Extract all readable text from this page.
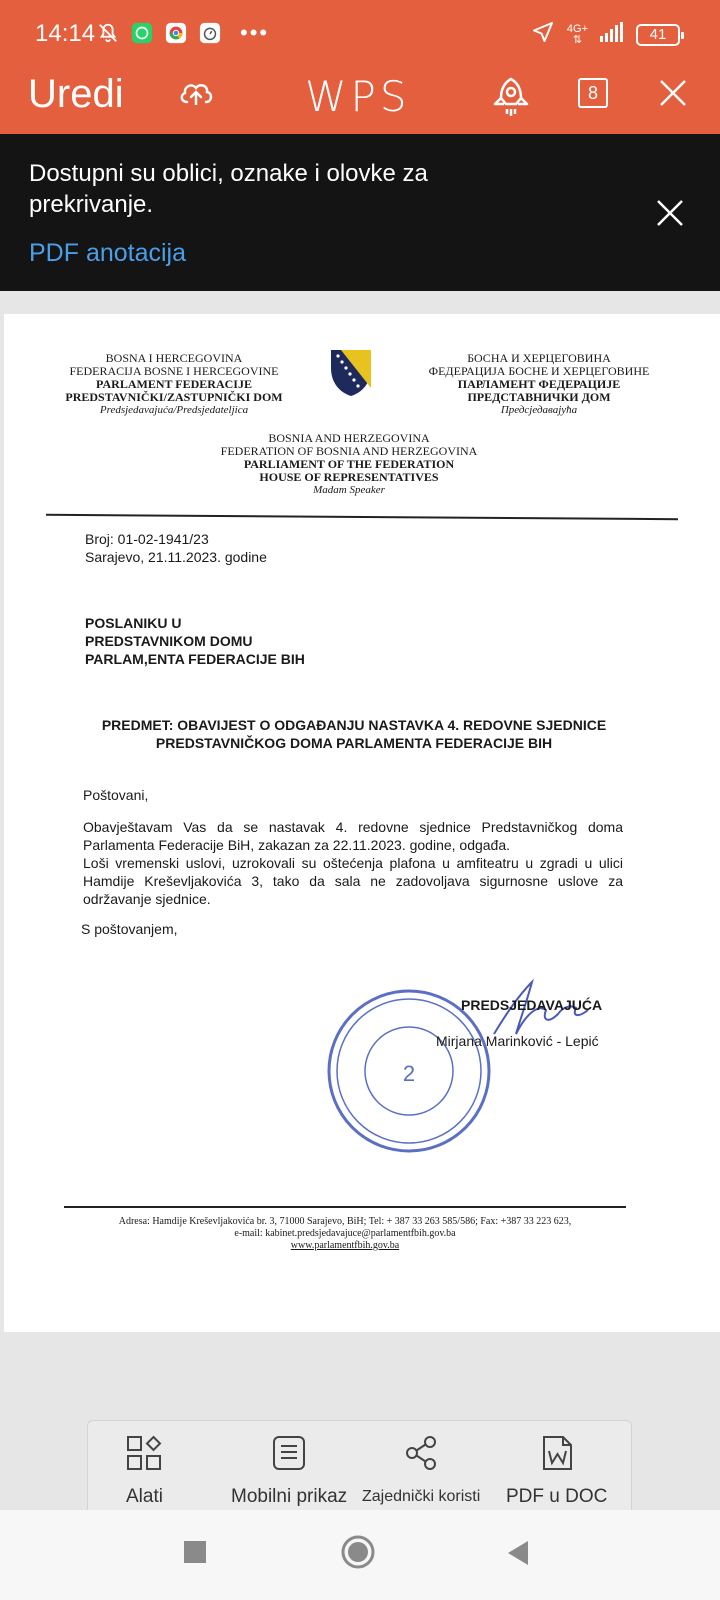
14:14	•••	4G+
⇅	41
Uredi	WPS	8
Dostupni su oblici, oznake i olovke za prekrivanje.
PDF anotacija
BOSNA I HERCEGOVINA
FEDERACIJA BOSNE I HERCEGOVINE
PARLAMENT FEDERACIJE
PREDSTAVNIČKI/ZASTUPNIČKI DOM
Predsjedavajuća/Predsjedateljica
БОСНА И ХЕРЦЕГОВИНА
ФЕДЕРАЦИЈА БОСНЕ И ХЕРЦЕГОВИНЕ
ПАРЛАМЕНТ ФЕДЕРАЦИЈЕ
ПРЕДСТАВНИЧКИ ДОМ
Предсједавајућа
BOSNIA AND HERZEGOVINA
FEDERATION OF BOSNIA AND HERZEGOVINA
PARLIAMENT OF THE FEDERATION
HOUSE OF REPRESENTATIVES
Madam Speaker
Broj: 01-02-1941/23
Sarajevo, 21.11.2023. godine
POSLANIKU U
PREDSTAVNIKOM DOMU
PARLAM,ENTA FEDERACIJE BIH
PREDMET: OBAVIJEST O ODGAĐANJU NASTAVKA 4. REDOVNE SJEDNICE
PREDSTAVNIČKOG DOMA PARLAMENTA FEDERACIJE BIH
Poštovani,
Obavještavam Vas da se nastavak 4. redovne sjednice Predstavničkog doma Parlamenta Federacije BiH, zakazan za 22.11.2023. godine, odgađa.
Loši vremenski uslovi, uzrokovali su oštećenja plafona u amfiteatru u zgradi u ulici Hamdije Kreševljakovića 3, tako da sala ne zadovoljava sigurnosne uslove za održavanje sjednice.
S poštovanjem,
2
PREDSJEDAVAJUĆA
Mirjana Marinković - Lepić
Adresa: Hamdije Kreševljakovića br. 3, 71000 Sarajevo, BiH; Tel: + 387 33 263 585/586; Fax: +387 33 223 623,
e-mail: kabinet.predsjedavajuce@parlamentfbih.gov.ba
www.parlamentfbih.gov.ba
Alati	Mobilni prikaz Zajednički koristi PDF u DOC
